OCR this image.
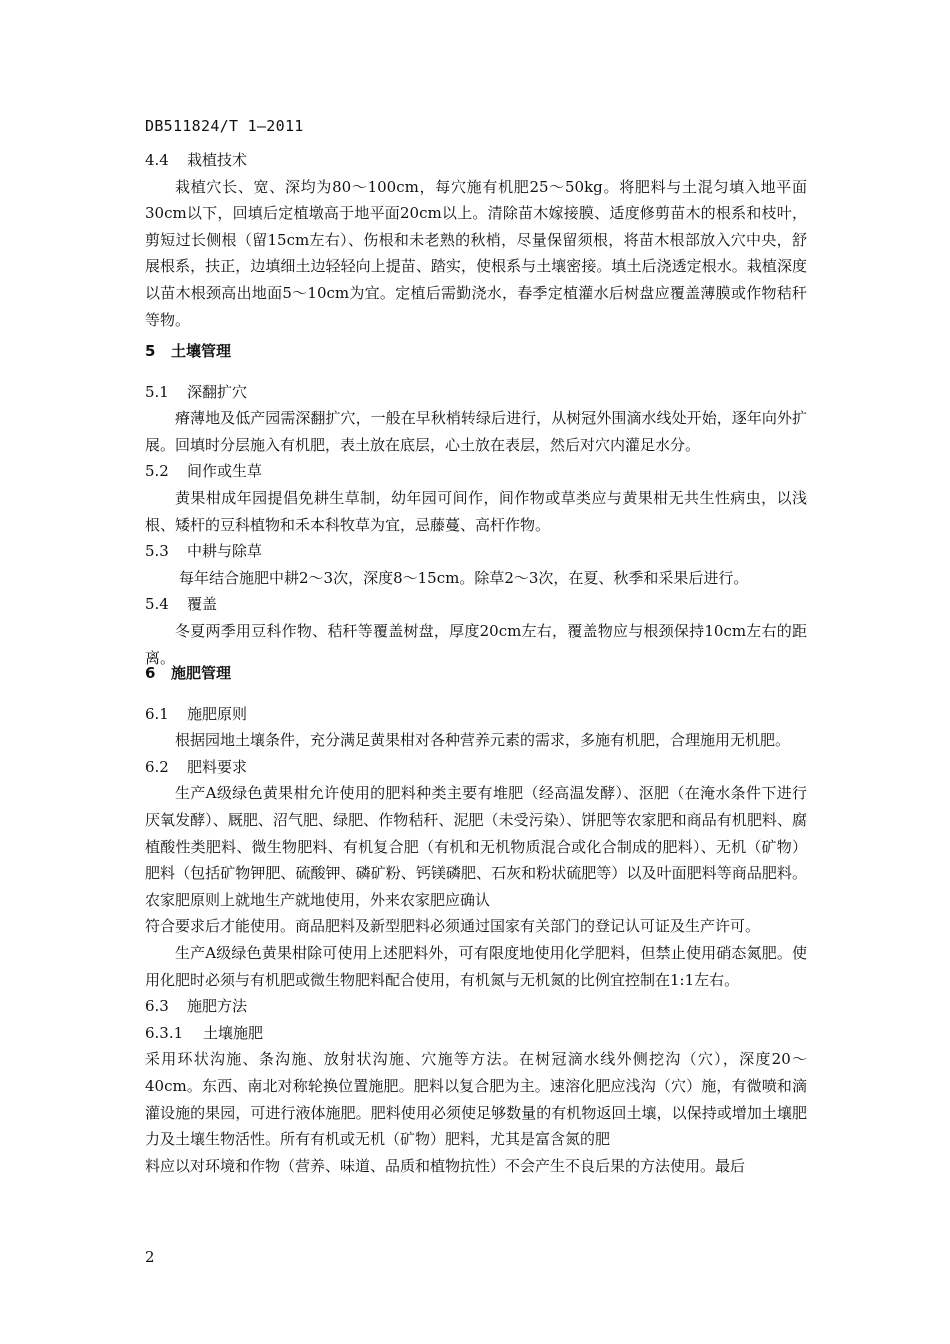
DB511824/T 1—2011
4.4 栽植技术

栽植穴长、宽、深均为80～100cm，每穴施有机肥25～50kg。将肥料与土混匀填入地平面30cm以下，回填后定植墩高于地平面20cm以上。清除苗木嫁接膜、适度修剪苗木的根系和枝叶，剪短过长侧根（留15cm左右）、伤根和未老熟的秋梢，尽量保留须根，将苗木根部放入穴中央，舒展根系，扶正，边填细土边轻轻向上提苗、踏实，使根系与土壤密接。填土后浇透定根水。栽植深度以苗木根颈高出地面5～10cm为宜。定植后需勤浇水，春季定植灌水后树盘应覆盖薄膜或作物秸秆等物。

5 土壤管理
5.1 深翻扩穴

瘠薄地及低产园需深翻扩穴，一般在早秋梢转绿后进行，从树冠外围滴水线处开始，逐年向外扩展。回填时分层施入有机肥，表土放在底层，心土放在表层，然后对穴内灌足水分。

5.2 间作或生草

黄果柑成年园提倡免耕生草制，幼年园可间作，间作物或草类应与黄果柑无共生性病虫，以浅根、矮杆的豆科植物和禾本科牧草为宜，忌藤蔓、高杆作物。

5.3 中耕与除草

每年结合施肥中耕2～3次，深度8～15cm。除草2～3次，在夏、秋季和采果后进行。

5.4 覆盖

冬夏两季用豆科作物、秸秆等覆盖树盘，厚度20cm左右，覆盖物应与根颈保持10cm左右的距离。

6 施肥管理
6.1 施肥原则

根据园地土壤条件，充分满足黄果柑对各种营养元素的需求，多施有机肥，合理施用无机肥。

6.2 肥料要求

生产A级绿色黄果柑允许使用的肥料种类主要有堆肥（经高温发酵）、沤肥（在淹水条件下进行厌氧发酵）、厩肥、沼气肥、绿肥、作物秸秆、泥肥（未受污染）、饼肥等农家肥和商品有机肥料、腐植酸性类肥料、微生物肥料、有机复合肥（有机和无机物质混合或化合制成的肥料）、无机（矿物）肥料（包括矿物钾肥、硫酸钾、磷矿粉、钙镁磷肥、石灰和粉状硫肥等）以及叶面肥料等商品肥料。农家肥原则上就地生产就地使用，外来农家肥应确认

符合要求后才能使用。商品肥料及新型肥料必须通过国家有关部门的登记认可证及生产许可。

生产A级绿色黄果柑除可使用上述肥料外，可有限度地使用化学肥料，但禁止使用硝态氮肥。使用化肥时必须与有机肥或微生物肥料配合使用，有机氮与无机氮的比例宜控制在1:1左右。

6.3 施肥方法
6.3.1 土壤施肥

采用环状沟施、条沟施、放射状沟施、穴施等方法。在树冠滴水线外侧挖沟（穴），深度20～40cm。东西、南北对称轮换位置施肥。肥料以复合肥为主。速溶化肥应浅沟（穴）施，有微喷和滴灌设施的果园，可进行液体施肥。肥料使用必须使足够数量的有机物返回土壤，以保持或增加土壤肥力及土壤生物活性。所有有机或无机（矿物）肥料，尤其是富含氮的肥

料应以对环境和作物（营养、味道、品质和植物抗性）不会产生不良后果的方法使用。最后

2
